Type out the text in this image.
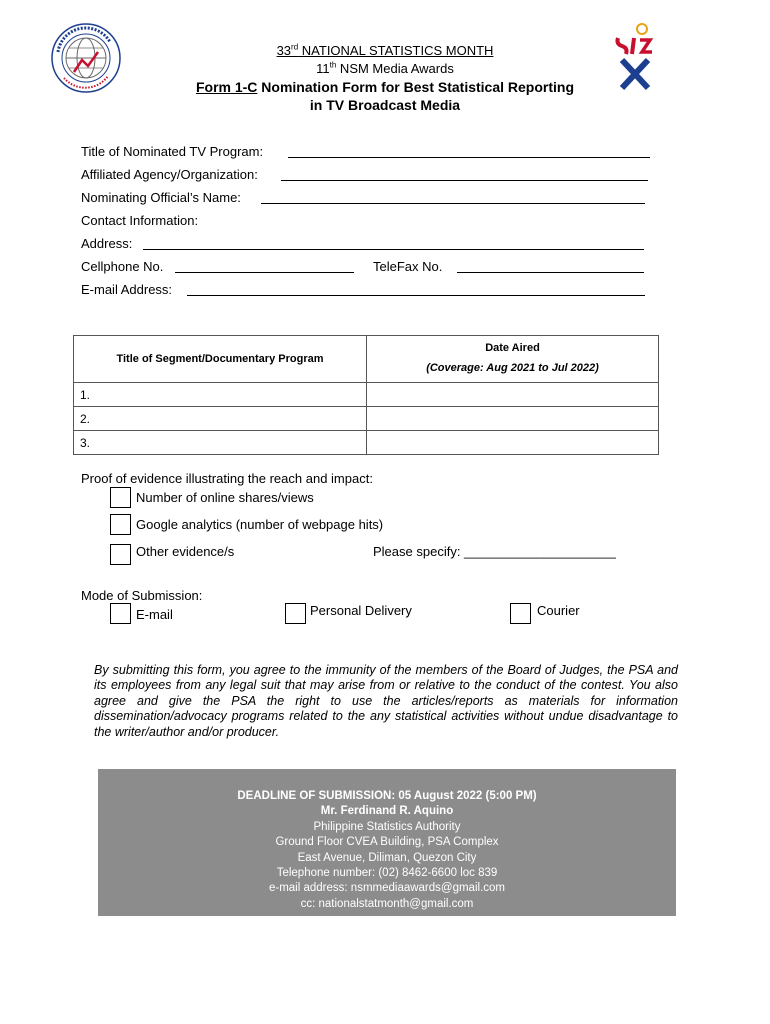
33rd NATIONAL STATISTICS MONTH
11th NSM Media Awards
Form 1-C Nomination Form for Best Statistical Reporting
in TV Broadcast Media
Title of Nominated TV Program:
Affiliated Agency/Organization:
Nominating Official’s Name:
Contact Information:
Address:
Cellphone No.	TeleFax No.
E-mail Address:
Title of Segment/Documentary Program	Date Aired
(Coverage: Aug 2021 to Jul 2022)

1.	
2.	
3.	
Proof of evidence illustrating the reach and impact:
Number of online shares/views
Google analytics (number of webpage hits)
Other evidence/s	Please specify: _____________________
Mode of Submission:
E-mail	Personal Delivery	Courier
By submitting this form, you agree to the immunity of the members of the Board of Judges, the PSA and its employees from any legal suit that may arise from or relative to the conduct of the contest. You also agree and give the PSA the right to use the articles/reports as materials for information dissemination/advocacy programs related to the any statistical activities without undue disadvantage to the writer/author and/or producer.
DEADLINE OF SUBMISSION: 05 August 2022 (5:00 PM)
Mr. Ferdinand R. Aquino
Philippine Statistics Authority
Ground Floor CVEA Building, PSA Complex
East Avenue, Diliman, Quezon City
Telephone number: (02) 8462-6600 loc 839
e-mail address: nsmmediaawards@gmail.com
cc: nationalstatmonth@gmail.com
